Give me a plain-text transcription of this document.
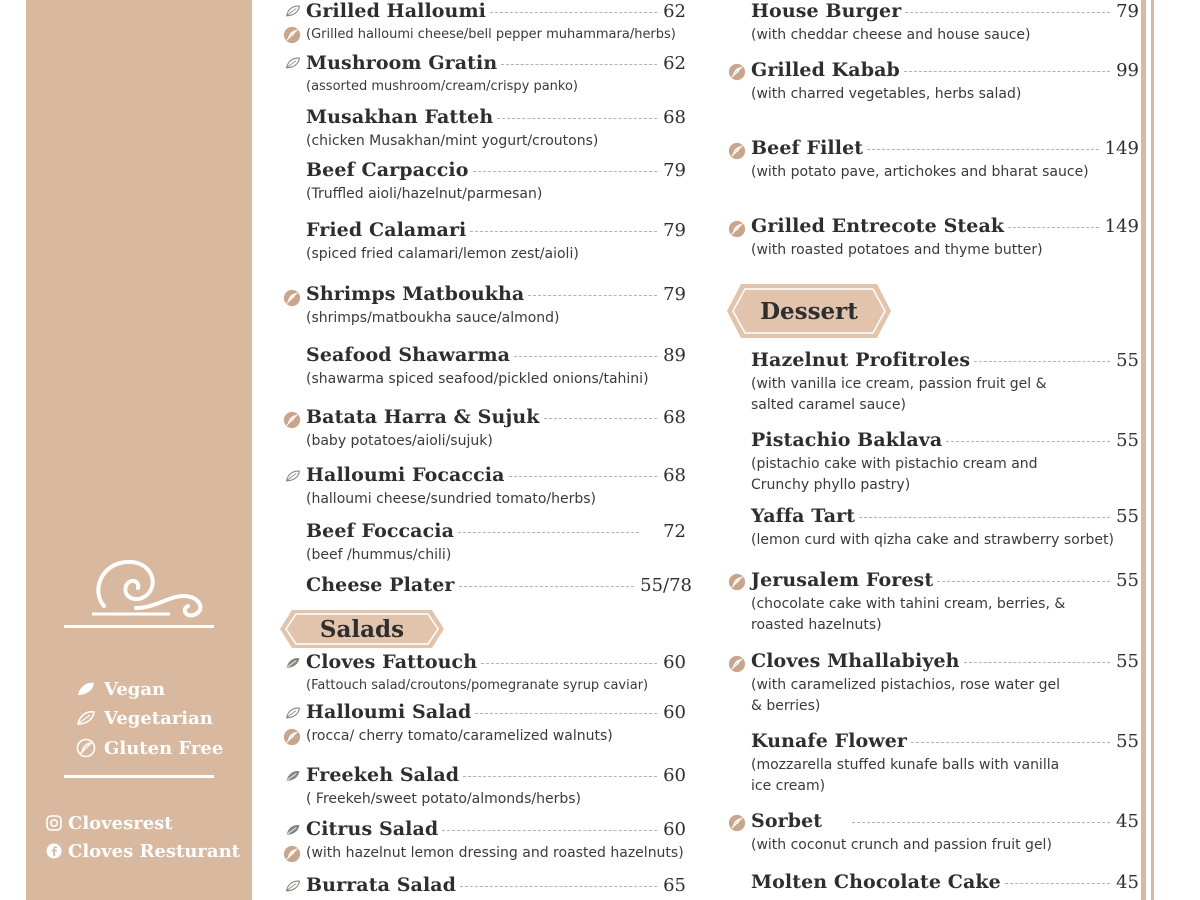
Vegan
Vegetarian
Gluten Free
Clovesrest
Cloves Resturant
Grilled Halloumi	62
(Grilled halloumi cheese/bell pepper muhammara/herbs)
Mushroom Gratin	62
(assorted mushroom/cream/crispy panko)
Musakhan Fatteh	68
(chicken Musakhan/mint yogurt/croutons)
Beef Carpaccio	79
(Truffled aioli/hazelnut/parmesan)
Fried Calamari	79
(spiced fried calamari/lemon zest/aioli)
Shrimps Matboukha	79
(shrimps/matboukha sauce/almond)
Seafood Shawarma	89
(shawarma spiced seafood/pickled onions/tahini)
Batata Harra & Sujuk	68
(baby potatoes/aioli/sujuk)
Halloumi Focaccia	68
(halloumi cheese/sundried tomato/herbs)
Beef Foccacia	72
(beef /hummus/chili)
Cheese Plater	55/78
Salads
Cloves Fattouch	60
(Fattouch salad/croutons/pomegranate syrup caviar)
Halloumi Salad	60
(rocca/ cherry tomato/caramelized walnuts)
Freekeh Salad	60
( Freekeh/sweet potato/almonds/herbs)
Citrus Salad	60
(with hazelnut lemon dressing and roasted hazelnuts)
Burrata Salad	65
House Burger	79
(with cheddar cheese and house sauce)
Grilled Kabab	99
(with charred vegetables, herbs salad)
Beef Fillet	149
(with potato pave, artichokes and bharat sauce)
Grilled Entrecote Steak	149
(with roasted potatoes and thyme butter)
Dessert
Hazelnut Profitroles	55
(with vanilla ice cream, passion fruit gel &
salted caramel sauce)
Pistachio Baklava	55
(pistachio cake with pistachio cream and
Crunchy phyllo pastry)
Yaffa Tart	55
(lemon curd with qizha cake and strawberry sorbet)
Jerusalem Forest	55
(chocolate cake with tahini cream, berries, &
roasted hazelnuts)
Cloves Mhallabiyeh	55
(with caramelized pistachios, rose water gel
& berries)
Kunafe Flower	55
(mozzarella stuffed kunafe balls with vanilla
ice cream)
Sorbet	45
(with coconut crunch and passion fruit gel)
Molten Chocolate Cake	45
